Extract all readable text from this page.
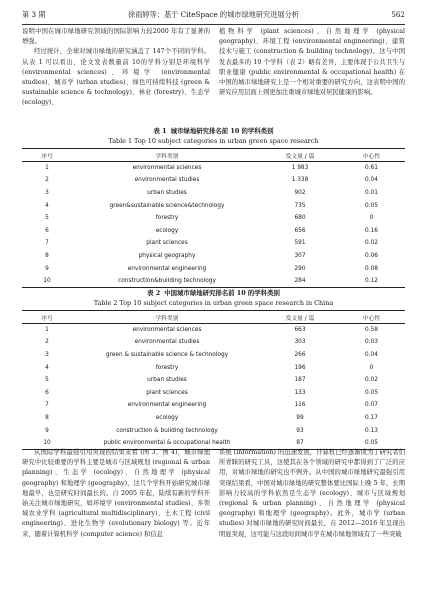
第 3 期	徐雨婷等：基于 CiteSpace 的城市绿地研究进展分析	562

说明中国在城市绿地研究领域的国际影响力较2000 年有了显著的增强。

经过统计，全球对城市绿地的研究涵盖了 147个不同的学科。从表 1 可以看出，论文发表数量前 10的学科分别是环境科学 (environmental sciences)、环境学 (environmental studies)、城市学 (urban studies)、绿色可持续科技 (green & sustainable science & technology)、林业 (forestry)、生态学 (ecology)、

植物科学 (plant sciences)、自然地理学 (physical geography)、环境工程 (environmental engineering)、建筑技术与施工 (construction & building technology)。这与中国发表最多的 10 个学科（表 2）略有差异，主要体现于公共卫生与职业健康 (public environmental & occupational health) 在中国的城市绿地研究上是一个相对重要的研究方向，这表明中国的研究应用层面上则更加注重城市绿地对居民健康的影响。

表 1 城市绿地研究排名前 10 的学科类别
Table 1 Top 10 subject categories in urban green space research
序号	学科类别	发文量 / 篇	中心性
1	environmental sciences	1 983	0.61
2	environmental studies	1 338	0.04
3	urban studies	902	0.01
4	green&sustainable science&technology	735	0.05
5	forestry	680	0
6	ecology	656	0.16
7	plant sciences	591	0.02
8	physical geography	307	0.06
9	environmental engineering	290	0.08
10	construction&building technology	284	0.12
表 2 中国城市绿地研究排名前 10 的学科类别
Table 2 Top 10 subject categories in urban green space research in China
序号	学科类别	发文量 / 篇	中心性
1	environmental sciences	663	0.58
2	environmental studies	303	0.03
3	green & sustainable science & technology	266	0.04
4	forestry	196	0
5	urban studies	187	0.02
6	plant sciences	133	0.05
7	environmental engineering	116	0.07
8	ecology	99	0.17
9	construction & building technology	93	0.13
10	public environmental & occupational health	87	0.05

从国际学科最强引用突现的结果来看 (图 3、图 4)，城市绿地研究中比较重要的学科主要是城市与区域规划 (regional & urban planning)、生态学 (ecology)、自然地理学 (physical geography) 和地理学 (geography)，这几个学科开始研究城市绿地最早，也是研究时间最长的。自 2005 年起，陆续有新的学科开始关注城市绿地研究，如环境学 (environmental studies)、多领域农业学科 (agricultural multidisciplinary)、土木工程 (civil engineering)、进化生物学 (evolutionary biology) 等。近年来，随着计算机科学 (computer science) 和信息

系统 (information) 的迅速发展，计算机已经逐渐成为了研究者们所青睐的研究工具，这使其在各个领域的研究中都得到了广泛的应用，对城市绿地的研究也不例外。从中国的城市绿地研究最强引用突现结果看，中国对城市绿地的研究整体要比国际上晚 5 年，长期影响力较高的学科依然是生态学 (ecology)、城市与区域规划 (regional & urban planning)、自然地理学 (physical geography) 和地理学 (geography)。此外，城市学 (urban studies) 对城市绿地的研究时间最长，在 2012—2016 年呈现出明显突现，这可能与这段时间城市学在城市绿地领域有了一些突破
